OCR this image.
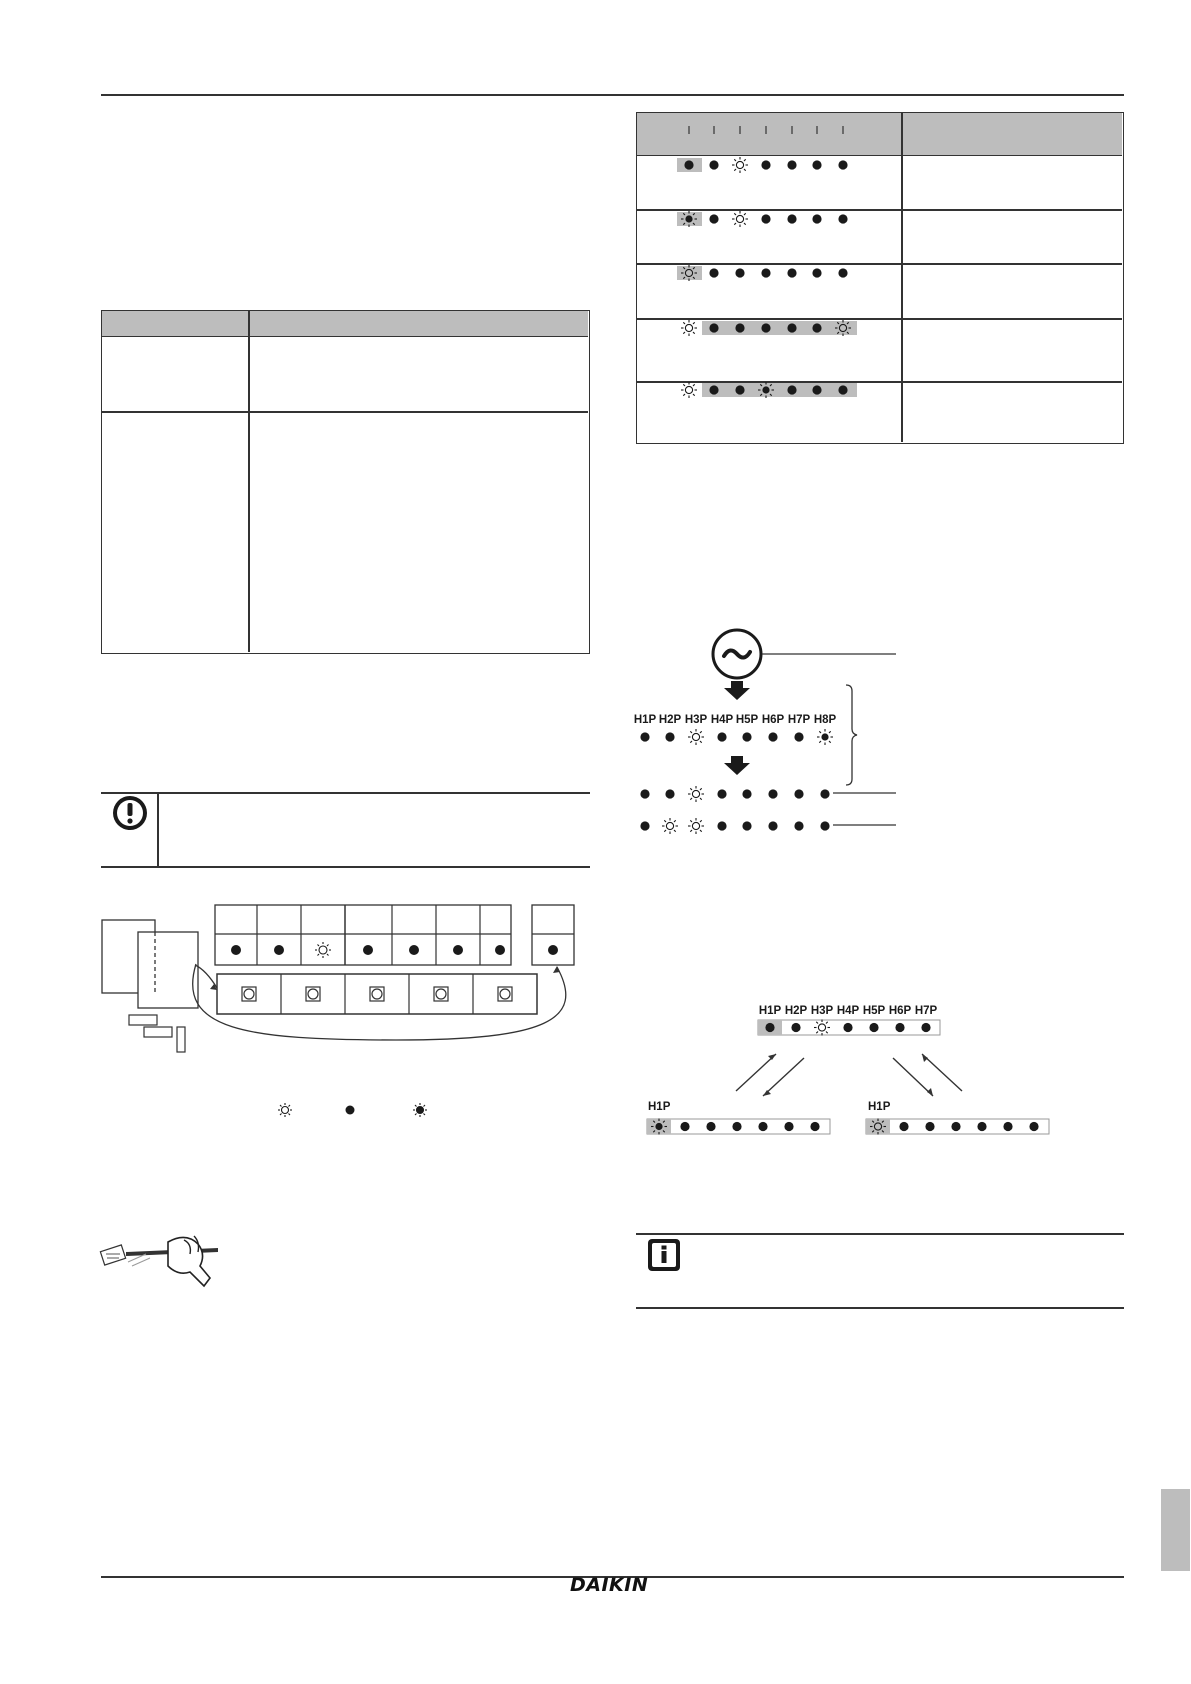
DAIKIN
H1P H2P H3P H4P H5P H6P H7P H8P
H1P H2P H3P H4P H5P H6P H7P
H1P	H1P
